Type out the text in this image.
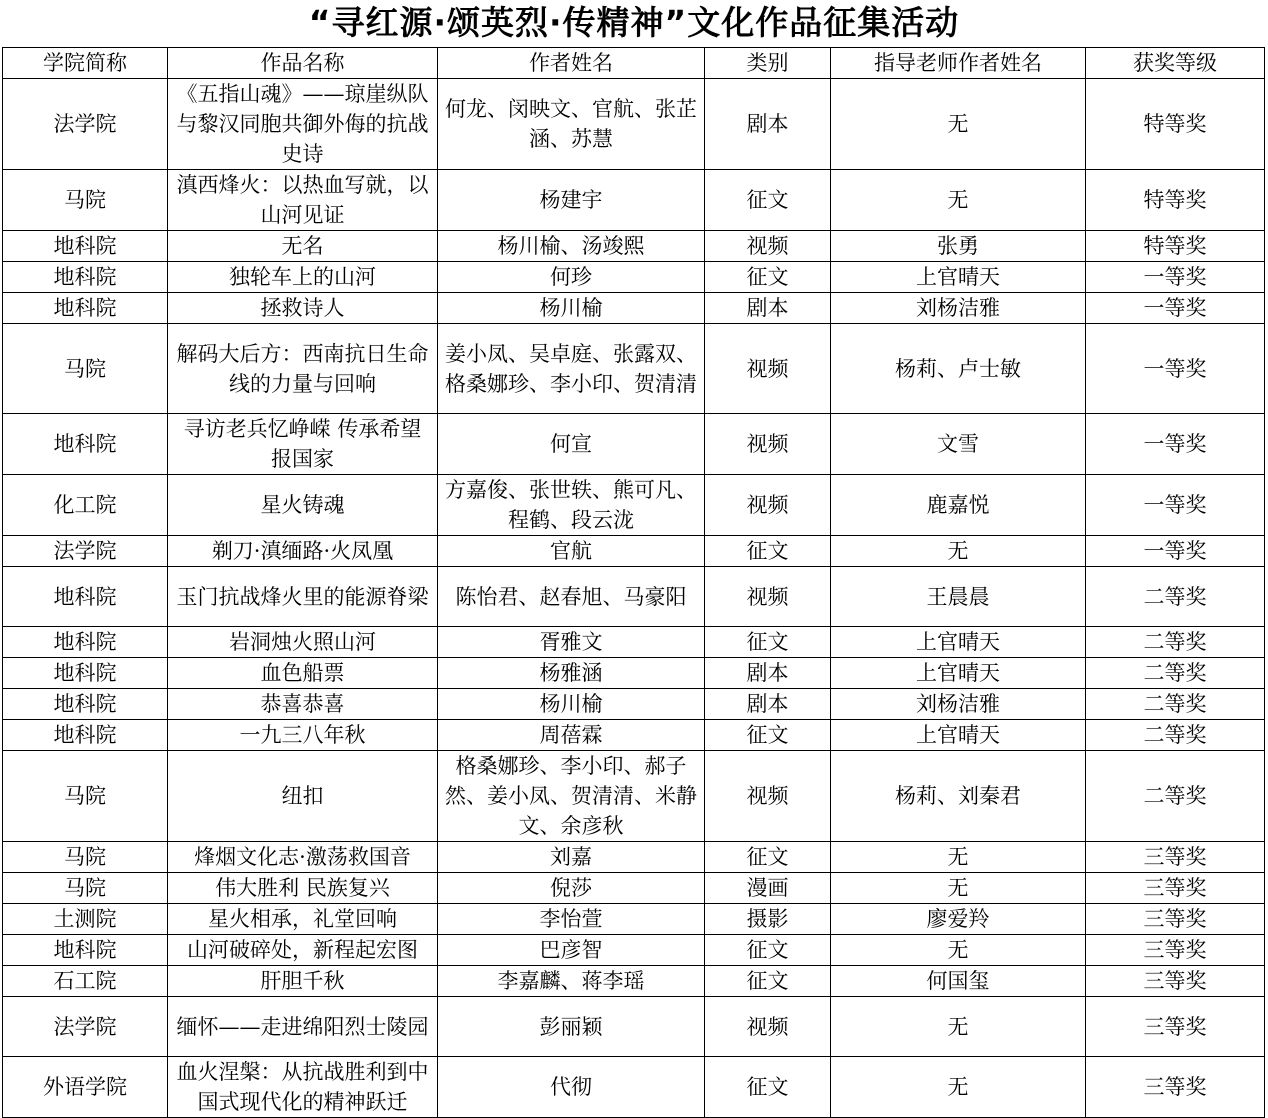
“寻红源·颂英烈·传精神”文化作品征集活动
学院简称	作品名称	作者姓名	类别	指导老师作者姓名	获奖等级
法学院	《五指山魂》——琼崖纵队与黎汉同胞共御外侮的抗战史诗	何龙、闵映文、官航、张芷涵、苏慧	剧本	无	特等奖
马院	滇西烽火：以热血写就，以山河见证	杨建宇	征文	无	特等奖
地科院	无名	杨川榆、汤竣熙	视频	张勇	特等奖
地科院	独轮车上的山河	何珍	征文	上官晴天	一等奖
地科院	拯救诗人	杨川榆	剧本	刘杨洁雅	一等奖
马院	解码大后方：西南抗日生命线的力量与回响	姜小凤、吴卓庭、张露双、格桑娜珍、李小印、贺清清	视频	杨莉、卢士敏	一等奖
地科院	寻访老兵忆峥嵘 传承希望报国家	何宣	视频	文雪	一等奖
化工院	星火铸魂	方嘉俊、张世轶、熊可凡、程鹤、段云泷	视频	鹿嘉悦	一等奖
法学院	剃刀·滇缅路·火凤凰	官航	征文	无	一等奖
地科院	玉门抗战烽火里的能源脊梁	陈怡君、赵春旭、马豪阳	视频	王晨晨	二等奖
地科院	岩洞烛火照山河	胥雅文	征文	上官晴天	二等奖
地科院	血色船票	杨雅涵	剧本	上官晴天	二等奖
地科院	恭喜恭喜	杨川榆	剧本	刘杨洁雅	二等奖
地科院	一九三八年秋	周蓓霖	征文	上官晴天	二等奖
马院	纽扣	格桑娜珍、李小印、郝子然、姜小凤、贺清清、米静文、余彦秋	视频	杨莉、刘秦君	二等奖
马院	烽烟文化志·激荡救国音	刘嘉	征文	无	三等奖
马院	伟大胜利 民族复兴	倪莎	漫画	无	三等奖
土测院	星火相承，礼堂回响	李怡萱	摄影	廖爱羚	三等奖
地科院	山河破碎处，新程起宏图	巴彦智	征文	无	三等奖
石工院	肝胆千秋	李嘉麟、蒋李瑶	征文	何国玺	三等奖
法学院	缅怀——走进绵阳烈士陵园	彭丽颖	视频	无	三等奖
外语学院	血火涅槃：从抗战胜利到中国式现代化的精神跃迁	代彻	征文	无	三等奖
